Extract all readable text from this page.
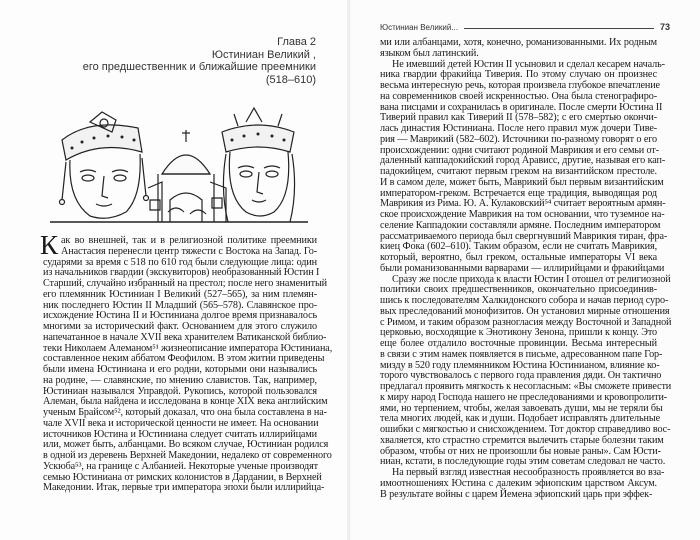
Глава 2
Юстиниан Великий ,
его предшественник и ближайшие преемники
(518–610)
К ак во внешней, так и в религиозной политике преемники
Анастасия перенесли центр тяжести с Востока на Запад. Го-
сударями за время с 518 по 610 год были следующие лица: один
из начальников гвардии (экскувиторов) необразованный Юстин I
Старший, случайно избранный на престол; после него знаменитый
его племянник Юстиниан I Великий (527–565), за ним племян-
ник последнего Юстин II Младший (565–578). Славянское про-
исхождение Юстина II и Юстиниана долгое время признавалось
многими за исторический факт. Основанием для этого служило
напечатанное в начале XVII века хранителем Ватиканской библио-
теки Николаем Алеманом⁵¹ жизнеописание императора Юстиниана,
составленное неким аббатом Феофилом. В этом житии приведены
были имена Юстиниана и его родни, которыми они назывались
на родине, — славянские, по мнению славистов. Так, например,
Юстиниан назывался Управдой. Рукопись, которой пользовался
Алеман, была найдена и исследована в конце XIX века английским
ученым Брайсом⁵², который доказал, что она была составлена в на-
чале XVII века и исторической ценности не имеет. На основании
источников Юстина и Юстиниана следует считать иллирийцами
или, может быть, албанцами. Во всяком случае, Юстиниан родился
в одной из деревень Верхней Македонии, недалеко от современного
Ускюба⁵³, на границе с Албанией. Некоторые ученые производят
семью Юстиниана от римских колонистов в Дардании, в Верхней
Македонии. Итак, первые три императора эпохи были иллирийца-
Юстиниан Великий...	73
ми или албанцами, хотя, конечно, романизованными. Их родным
языком был латинский.
Не имевший детей Юстин II усыновил и сделал кесарем началь-
ника гвардии фракийца Тиверия. По этому случаю он произнес
весьма интересную речь, которая произвела глубокое впечатление
на современников своей искренностью. Она была стенографиро-
вана писцами и сохранилась в оригинале. После смерти Юстина II
Тиверий правил как Тиверий II (578–582); с его смертью окончи-
лась династия Юстиниана. После него правил муж дочери Тиве-
рия — Маврикий (582–602). Источники по-разному говорят о его
происхождении: одни считают родиной Маврикия и его семьи от-
даленный каппадокийский город Арависс, другие, называя его кап-
падокийцем, считают первым греком на византийском престоле.
И в самом деле, может быть, Маврикий был первым византийским
императором-греком. Встречается еще традиция, выводящая род
Маврикия из Рима. Ю. А. Кулаковский⁵⁴ считает вероятным армян-
ское происхождение Маврикия на том основании, что туземное на-
селение Каппадокии составляли армяне. Последним императором
рассматриваемого периода был свергнувший Маврикия тиран, фра-
киец Фока (602–610). Таким образом, если не считать Маврикия,
который, вероятно, был греком, остальные императоры VI века
были романизованными варварами — иллирийцами и фракийцами
Сразу же после прихода к власти Юстин I отошел от религиозной
политики своих предшественников, окончательно присоединив-
шись к последователям Халкидонского собора и начав период суро-
вых преследований монофизитов. Он установил мирные отношения
с Римом, и таким образом разногласия между Восточной и Западной
церковью, восходящие к Энотикону Зенона, пришли к концу. Это
еще более отдалило восточные провинции. Весьма интересный
в связи с этим намек появляется в письме, адресованном папе Гор-
мизду в 520 году племянником Юстина Юстинианом, влияние ко-
торого чувствовалось с первого года правления дяди. Он тактично
предлагал проявить мягкость к несогласным: «Вы сможете привести
к миру народ Господа нашего не преследованиями и кровопролити-
ями, но терпением, чтобы, желая завоевать души, мы не теряли бы
тела многих людей, как и души. Подобает исправлять длительные
ошибки с мягкостью и снисхождением. Тот доктор справедливо вос-
хваляется, кто страстно стремится вылечить старые болезни таким
образом, чтобы от них не произошли бы новые раны». Сам Юсти-
ниан, кстати, в последующие годы этим советам следовал не часто.
На первый взгляд известная несообразность проявляется во вза-
имоотношениях Юстина с далеким эфиопским царством Аксум.
В результате войны с царем Йемена эфиопский царь при эффек-
